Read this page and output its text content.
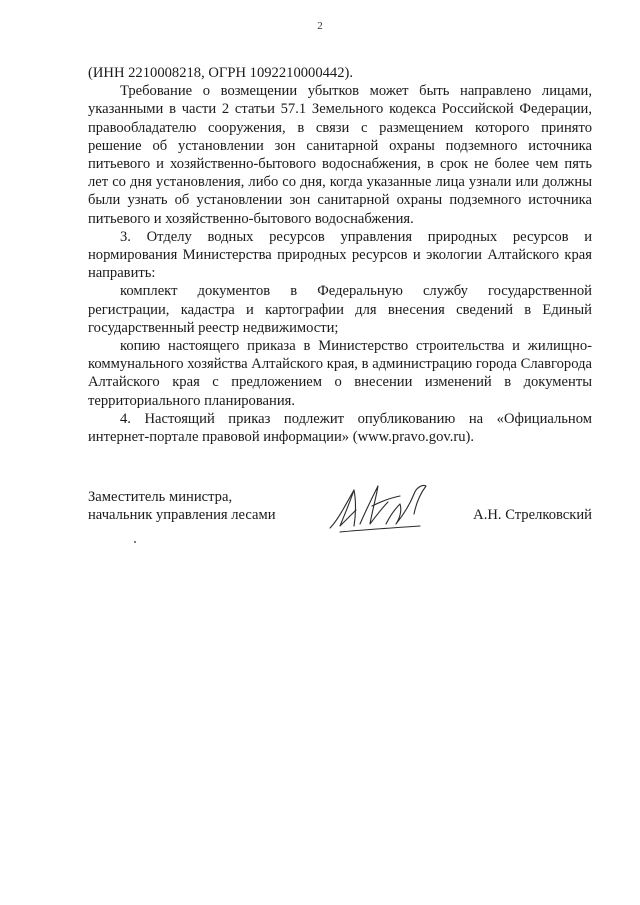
2

(ИНН 2210008218, ОГРН 1092210000442).

Требование о возмещении убытков может быть направлено лицами, указанными в части 2 статьи 57.1 Земельного кодекса Российской Федерации, правообладателю сооружения, в связи с размещением которого принято решение об установлении зон санитарной охраны подземного источника питьевого и хозяйственно-бытового водоснабжения, в срок не более чем пять лет со дня установления, либо со дня, когда указанные лица узнали или должны были узнать об установлении зон санитарной охраны подземного источника питьевого и хозяйственно-бытового водоснабжения.

3. Отделу водных ресурсов управления природных ресурсов и нормирования Министерства природных ресурсов и экологии Алтайского края направить:

комплект документов в Федеральную службу государственной регистрации, кадастра и картографии для внесения сведений в Единый государственный реестр недвижимости;

копию настоящего приказа в Министерство строительства и жилищно-коммунального хозяйства Алтайского края, в администрацию города Славгорода Алтайского края с предложением о внесении изменений в документы территориального планирования.

4. Настоящий приказ подлежит опубликованию на «Официальном интернет-портале правовой информации» (www.pravo.gov.ru).

Заместитель министра,
начальник управления лесами	А.Н. Стрелковский
